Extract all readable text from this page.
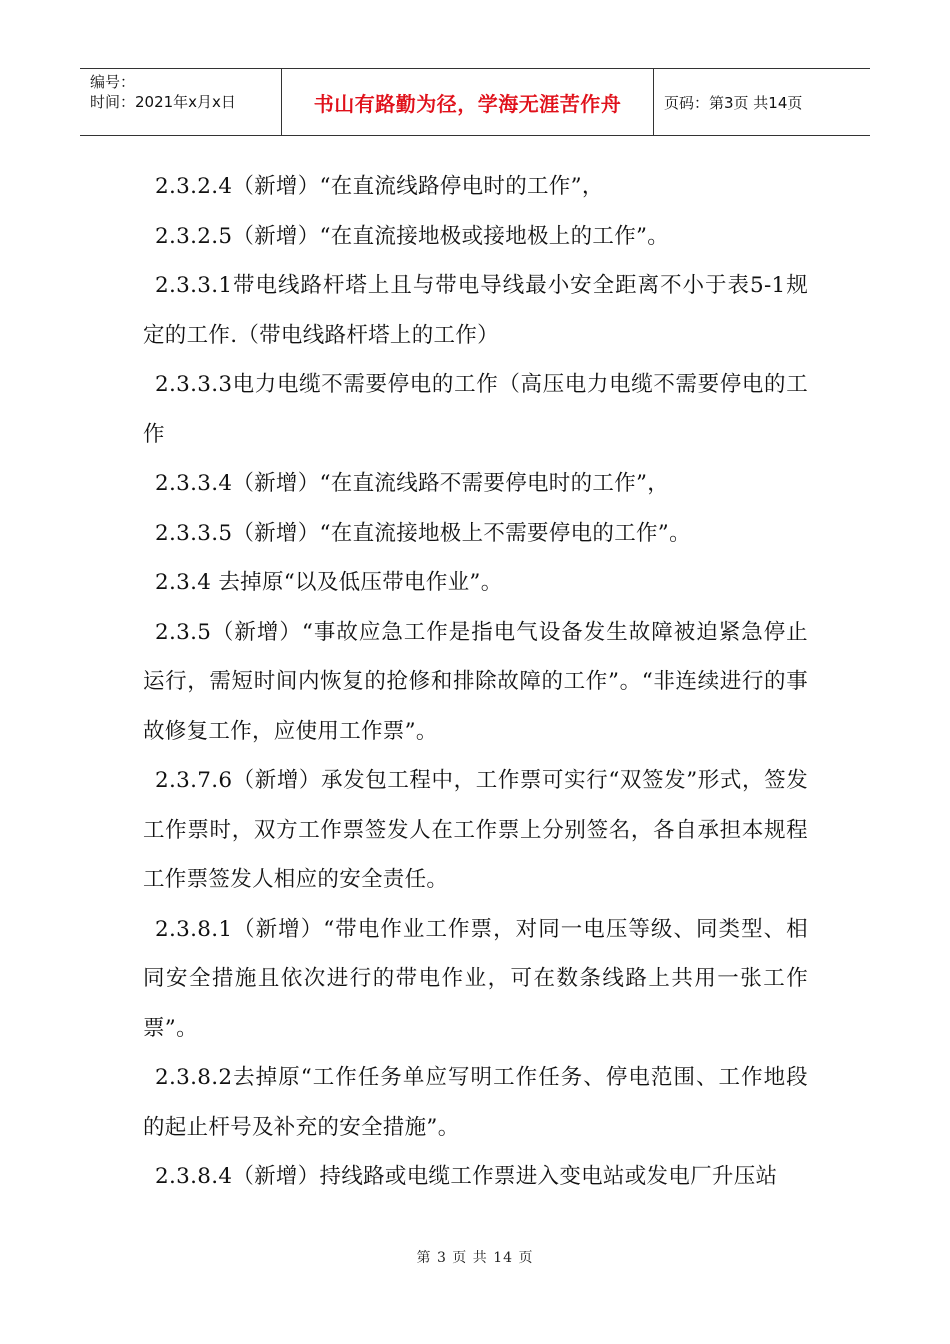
编号：
时间：2021年x月x日	书山有路勤为径，学海无涯苦作舟	页码：第3页 共14页

2.3.2.4（新增）“在直流线路停电时的工作”，

2.3.2.5（新增）“在直流接地极或接地极上的工作”。

2.3.3.1带电线路杆塔上且与带电导线最小安全距离不小于表5-1规定的工作.（带电线路杆塔上的工作）

2.3.3.3电力电缆不需要停电的工作（高压电力电缆不需要停电的工作

2.3.3.4（新增）“在直流线路不需要停电时的工作”，

2.3.3.5（新增）“在直流接地极上不需要停电的工作”。

2.3.4 去掉原“以及低压带电作业”。

2.3.5（新增）“事故应急工作是指电气设备发生故障被迫紧急停止运行，需短时间内恢复的抢修和排除故障的工作”。“非连续进行的事故修复工作，应使用工作票”。

2.3.7.6（新增）承发包工程中，工作票可实行“双签发”形式，签发工作票时，双方工作票签发人在工作票上分别签名，各自承担本规程工作票签发人相应的安全责任。

2.3.8.1（新增）“带电作业工作票，对同一电压等级、同类型、相同安全措施且依次进行的带电作业，可在数条线路上共用一张工作票”。

2.3.8.2去掉原“工作任务单应写明工作任务、停电范围、工作地段的起止杆号及补充的安全措施”。

2.3.8.4（新增）持线路或电缆工作票进入变电站或发电厂升压站

第 3 页 共 14 页
